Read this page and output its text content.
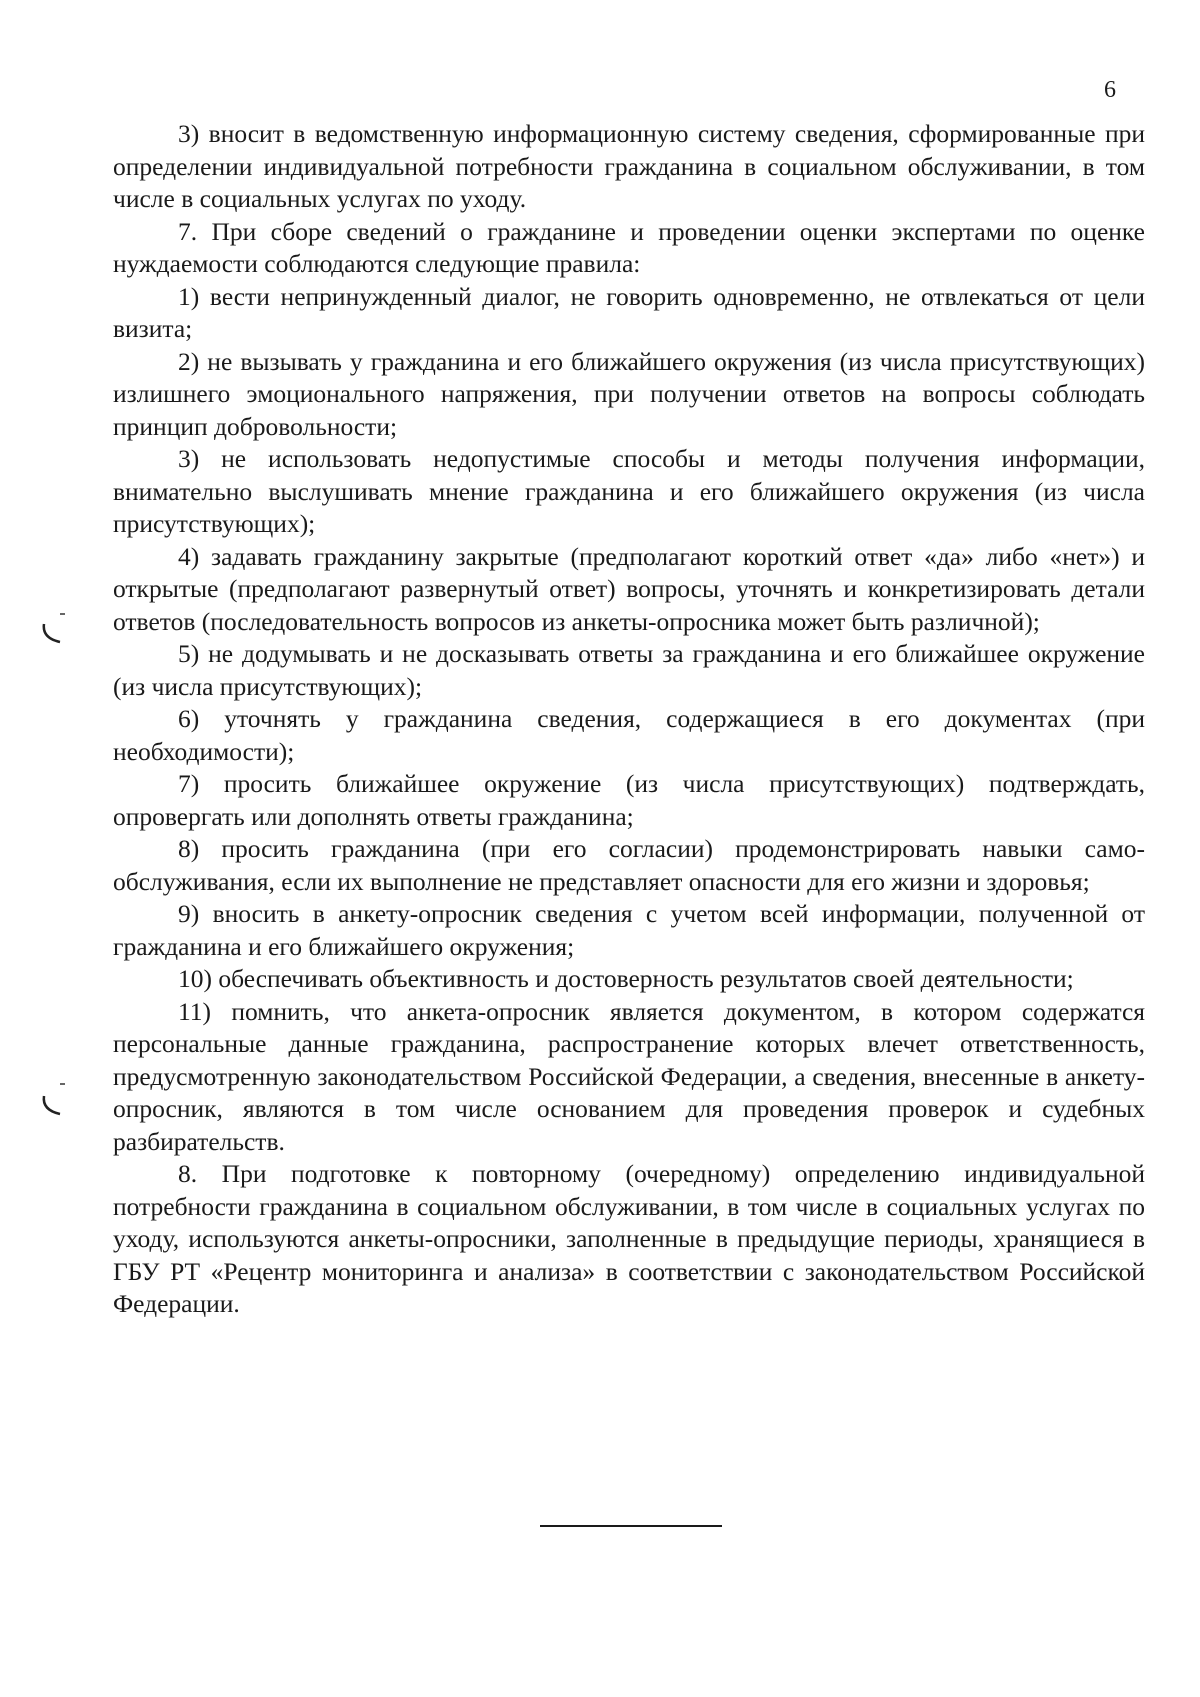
6

3) вносит в ведомственную информационную систему сведения, сформированные при определении индивидуальной потребности гражданина в социальном обслуживании, в том числе в социальных услугах по уходу.

7. При сборе сведений о гражданине и проведении оценки экспертами по оценке нуждаемости соблюдаются следующие правила:

1) вести непринужденный диалог, не говорить одновременно, не отвлекаться от цели визита;

2) не вызывать у гражданина и его ближайшего окружения (из числа присутствующих) излишнего эмоционального напряжения, при получении ответов на вопросы соблюдать принцип добровольности;

3) не использовать недопустимые способы и методы получения информации, внимательно выслушивать мнение гражданина и его ближайшего окружения (из числа присутствующих);

4) задавать гражданину закрытые (предполагают короткий ответ «да» либо «нет») и открытые (предполагают развернутый ответ) вопросы, уточнять и конкретизировать детали ответов (последовательность вопросов из анкеты-опросника может быть различной);

5) не додумывать и не досказывать ответы за гражданина и его ближайшее окружение (из числа присутствующих);

6) уточнять у гражданина сведения, содержащиеся в его документах (при необходимости);

7) просить ближайшее окружение (из числа присутствующих) подтверждать, опровергать или дополнять ответы гражданина;

8) просить гражданина (при его согласии) продемонстрировать навыки самообслуживания, если их выполнение не представляет опасности для его жизни и здоровья;

9) вносить в анкету-опросник сведения с учетом всей информации, полученной от гражданина и его ближайшего окружения;

10) обеспечивать объективность и достоверность результатов своей деятельности;

11) помнить, что анкета-опросник является документом, в котором содержатся персональные данные гражданина, распространение которых влечет ответственность, предусмотренную законодательством Российской Федерации, а сведения, внесенные в анкету-опросник, являются в том числе основанием для проведения проверок и судебных разбирательств.

8. При подготовке к повторному (очередному) определению индивидуальной потребности гражданина в социальном обслуживании, в том числе в социальных услугах по уходу, используются анкеты-опросники, заполненные в предыдущие периоды, хранящиеся в ГБУ РТ «Рецентр мониторинга и анализа» в соответствии с законодательством Российской Федерации.
